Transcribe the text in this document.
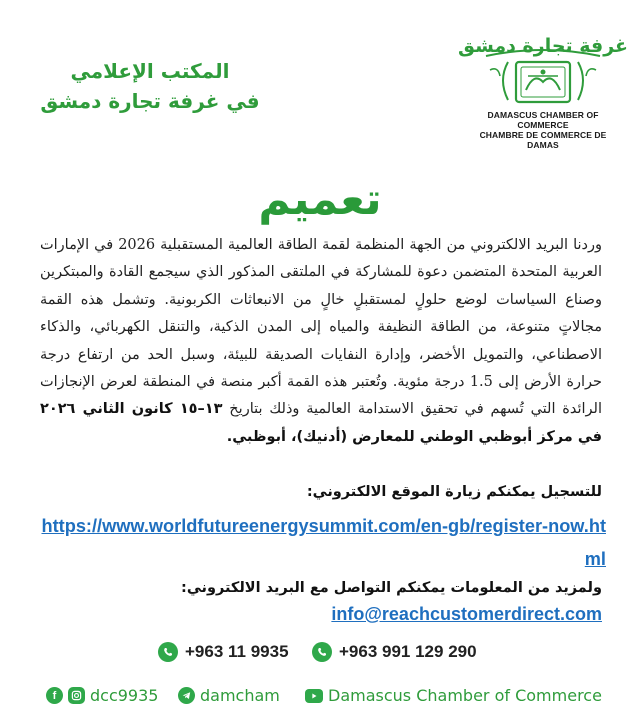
المكتب الإعلامي
في غرفة تجارة دمشق
غرفة تجارة دمشق
DAMASCUS CHAMBER OF COMMERCE
CHAMBRE DE COMMERCE DE DAMAS
تعميم
وردنا البريد الالكتروني من الجهة المنظمة لقمة الطاقة العالمية المستقبلية 2026 في الإمارات العربية المتحدة المتضمن دعوة للمشاركة في الملتقى المذكور الذي سيجمع القادة والمبتكرين وصناع السياسات لوضع حلولٍ لمستقبلٍ خالٍ من الانبعاثات الكربونية. وتشمل هذه القمة مجالاتٍ متنوعة، من الطاقة النظيفة والمياه إلى المدن الذكية، والتنقل الكهربائي، والذكاء الاصطناعي، والتمويل الأخضر، وإدارة النفايات الصديقة للبيئة، وسبل الحد من ارتفاع درجة حرارة الأرض إلى 1.5 درجة مئوية. وتُعتبر هذه القمة أكبر منصة في المنطقة لعرض الإنجازات الرائدة التي تُسهم في تحقيق الاستدامة العالمية وذلك بتاريخ ١٣–١٥ كانون الثاني ٢٠٢٦ في مركز أبوظبي الوطني للمعارض (أدنيك)، أبوظبي.
للتسجيل يمكنكم زيارة الموقع الالكتروني:
https://www.worldfutureenergysummit.com/en-gb/register-now.html
ولمزيد من المعلومات يمكنكم التواصل مع البريد الالكتروني:
info@reachcustomerdirect.com
+963 11 9935	+963 991 129 290
f	dcc9935	damcham	Damascus Chamber of Commerce
